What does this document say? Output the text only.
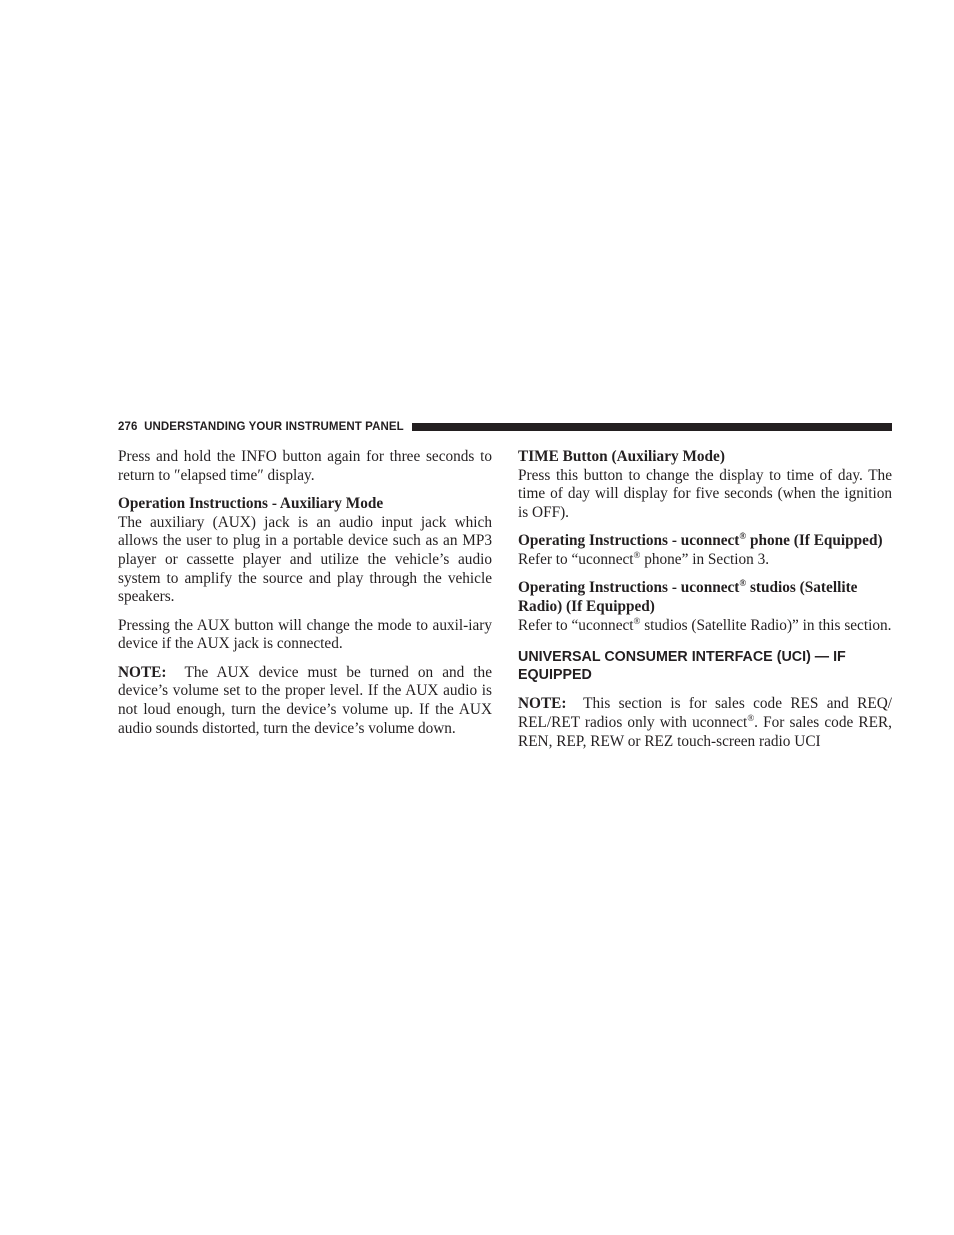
276 UNDERSTANDING YOUR INSTRUMENT PANEL

Press and hold the INFO button again for three seconds to return to ″elapsed time″ display.

Operation Instructions - Auxiliary Mode

The auxiliary (AUX) jack is an audio input jack which allows the user to plug in a portable device such as an MP3 player or cassette player and utilize the vehicle’s audio system to amplify the source and play through the vehicle speakers.

Pressing the AUX button will change the mode to auxil-iary device if the AUX jack is connected.

NOTE: The AUX device must be turned on and the device’s volume set to the proper level. If the AUX audio is not loud enough, turn the device’s volume up. If the AUX audio sounds distorted, turn the device’s volume down.

TIME Button (Auxiliary Mode)

Press this button to change the display to time of day. The time of day will display for five seconds (when the ignition is OFF).

Operating Instructions - uconnect® phone (If Equipped)

Refer to “uconnect® phone” in Section 3.

Operating Instructions - uconnect® studios (Satellite Radio) (If Equipped)

Refer to “uconnect® studios (Satellite Radio)” in this section.

UNIVERSAL CONSUMER INTERFACE (UCI) — IF EQUIPPED

NOTE: This section is for sales code RES and REQ/ REL/RET radios only with uconnect®. For sales code RER, REN, REP, REW or REZ touch-screen radio UCI
